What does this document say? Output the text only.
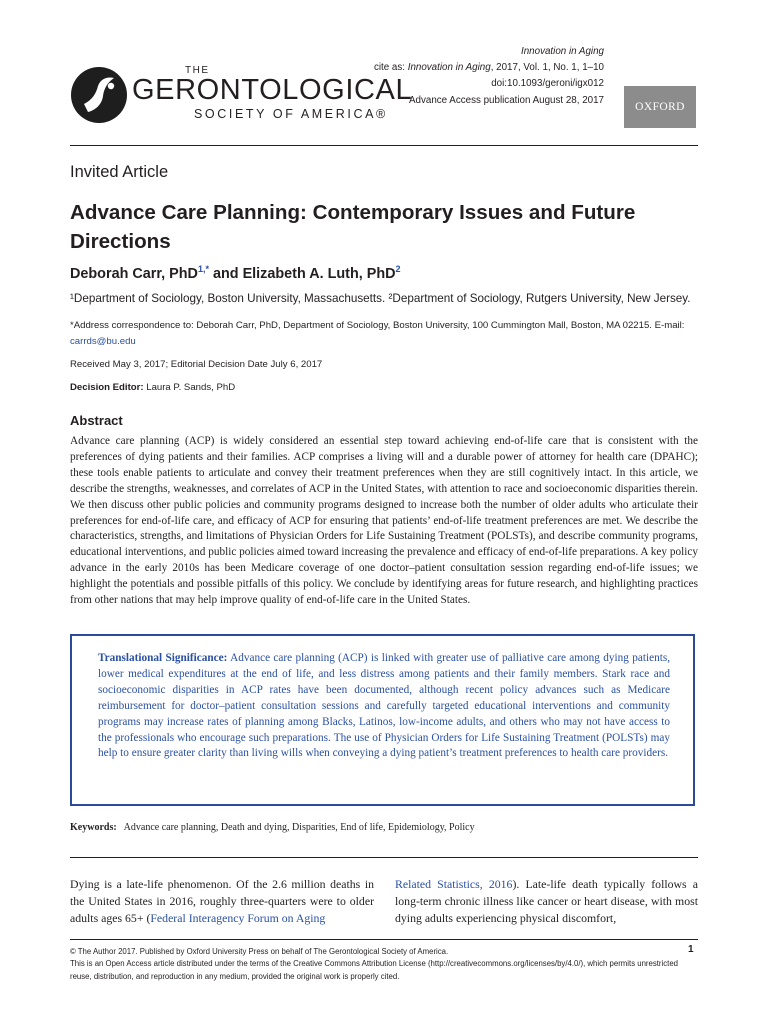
THE
GERONTOLOGICAL
SOCIETY OF AMERICA®
Innovation in Aging
cite as: Innovation in Aging, 2017, Vol. 1, No. 1, 1–10
doi:10.1093/geroni/igx012
Advance Access publication August 28, 2017
OXFORD
Invited Article
Advance Care Planning: Contemporary Issues and Future Directions
Deborah Carr, PhD$^{1,*}$ and Elizabeth A. Luth, PhD$^2$
¹Department of Sociology, Boston University, Massachusetts. ²Department of Sociology, Rutgers University, New Jersey.
*Address correspondence to: Deborah Carr, PhD, Department of Sociology, Boston University, 100 Cummington Mall, Boston, MA 02215. E-mail:
carrds@bu.edu
Received May 3, 2017; Editorial Decision Date July 6, 2017
Decision Editor: Laura P. Sands, PhD
Abstract
Advance care planning (ACP) is widely considered an essential step toward achieving end-of-life care that is consistent with the preferences of dying patients and their families. ACP comprises a living will and a durable power of attorney for health care (DPAHC); these tools enable patients to articulate and convey their treatment preferences when they are still cognitively intact. In this article, we describe the strengths, weaknesses, and correlates of ACP in the United States, with attention to race and socioeconomic disparities therein. We then discuss other public policies and community programs designed to increase both the number of older adults who articulate their preferences for end-of-life care, and efficacy of ACP for ensuring that patients’ end-of-life treatment preferences are met. We describe the characteristics, strengths, and limitations of Physician Orders for Life Sustaining Treatment (POLSTs), and describe community programs, educational interventions, and public policies aimed toward increasing the prevalence and efficacy of end-of-life preparations. A key policy advance in the early 2010s has been Medicare coverage of one doctor–patient consultation session regarding end-of-life issues; we highlight the potentials and possible pitfalls of this policy. We conclude by identifying areas for future research, and highlighting practices from other nations that may help improve quality of end-of-life care in the United States.
Translational Significance: Advance care planning (ACP) is linked with greater use of palliative care among dying patients, lower medical expenditures at the end of life, and less distress among patients and their family members. Stark race and socioeconomic disparities in ACP rates have been documented, although recent policy advances such as Medicare reimbursement for doctor–patient consultation sessions and carefully targeted educational interventions and community programs may increase rates of planning among Blacks, Latinos, low-income adults, and others who may not have access to the professionals who encourage such preparations. The use of Physician Orders for Life Sustaining Treatment (POLSTs) may help to ensure greater clarity than living wills when conveying a dying patient’s treatment preferences to health care providers.
Keywords: Advance care planning, Death and dying, Disparities, End of life, Epidemiology, Policy
Dying is a late-life phenomenon. Of the 2.6 million deaths in the United States in 2016, roughly three-quarters were to older adults ages 65+ (Federal Interagency Forum on Aging
Related Statistics, 2016). Late-life death typically follows a long-term chronic illness like cancer or heart disease, with most dying adults experiencing physical discomfort,
© The Author 2017. Published by Oxford University Press on behalf of The Gerontological Society of America.
This is an Open Access article distributed under the terms of the Creative Commons Attribution License (http://creativecommons.org/licenses/by/4.0/), which permits unrestricted reuse, distribution, and reproduction in any medium, provided the original work is properly cited.
1
